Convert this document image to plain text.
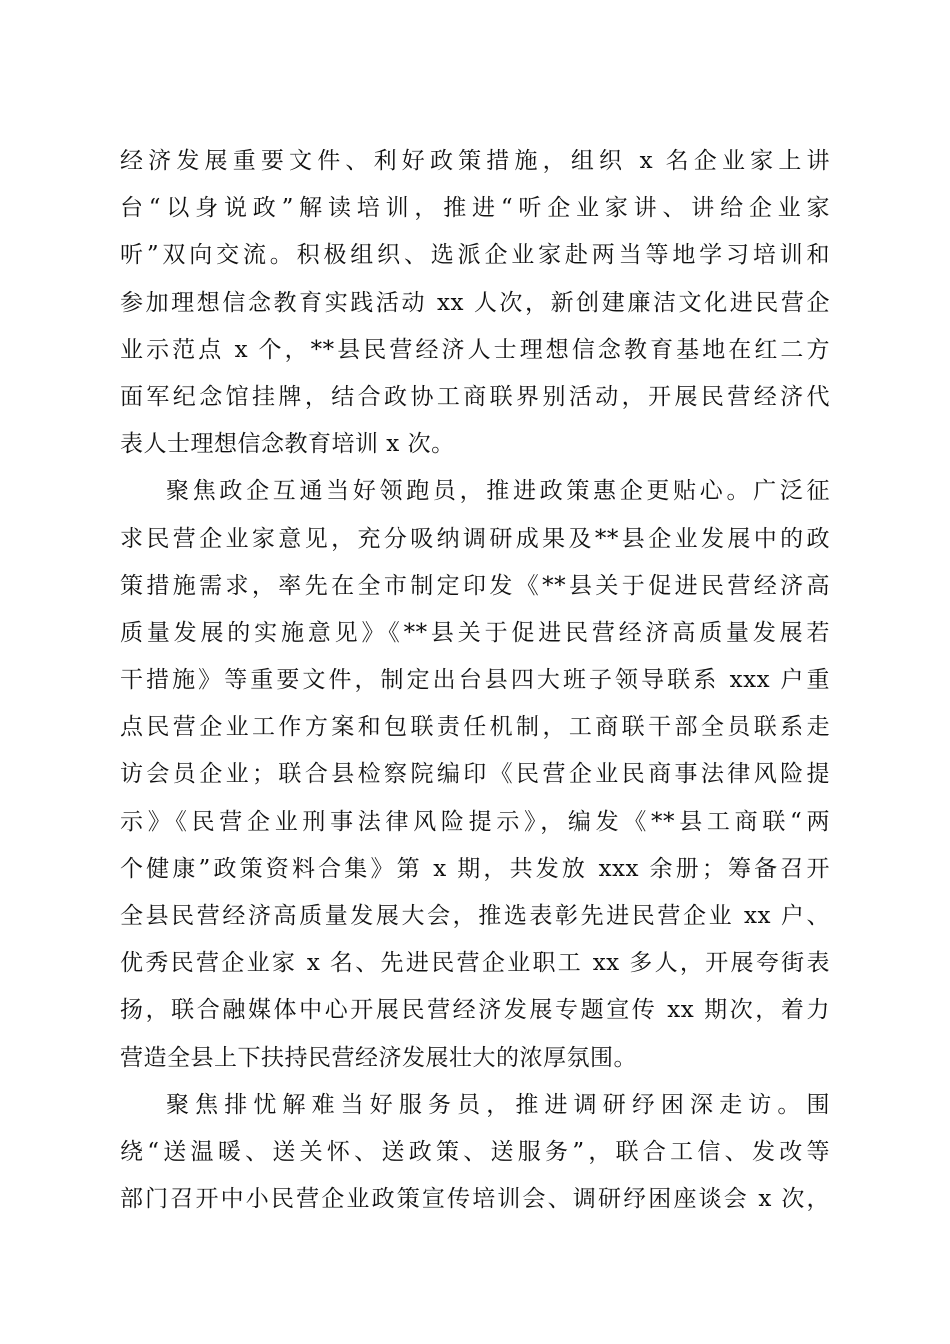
经济发展重要文件、利好政策措施，组织 x 名企业家上讲
台“以身说政”解读培训，推进“听企业家讲、讲给企业家
听”双向交流。积极组织、选派企业家赴两当等地学习培训和
参加理想信念教育实践活动 xx 人次，新创建廉洁文化进民营企
业示范点 x 个，**县民营经济人士理想信念教育基地在红二方
面军纪念馆挂牌，结合政协工商联界别活动，开展民营经济代
表人士理想信念教育培训 x 次。
聚焦政企互通当好领跑员，推进政策惠企更贴心。广泛征
求民营企业家意见，充分吸纳调研成果及**县企业发展中的政
策措施需求，率先在全市制定印发《**县关于促进民营经济高
质量发展的实施意见》《**县关于促进民营经济高质量发展若
干措施》等重要文件，制定出台县四大班子领导联系 xxx 户重
点民营企业工作方案和包联责任机制，工商联干部全员联系走
访会员企业；联合县检察院编印《民营企业民商事法律风险提
示》《民营企业刑事法律风险提示》，编发《**县工商联“两
个健康”政策资料合集》第 x 期，共发放 xxx 余册；筹备召开
全县民营经济高质量发展大会，推选表彰先进民营企业 xx 户、
优秀民营企业家 x 名、先进民营企业职工 xx 多人，开展夸街表
扬，联合融媒体中心开展民营经济发展专题宣传 xx 期次，着力
营造全县上下扶持民营经济发展壮大的浓厚氛围。
聚焦排忧解难当好服务员，推进调研纾困深走访。围
绕“送温暖、送关怀、送政策、送服务”，联合工信、发改等
部门召开中小民营企业政策宣传培训会、调研纾困座谈会 x 次，
